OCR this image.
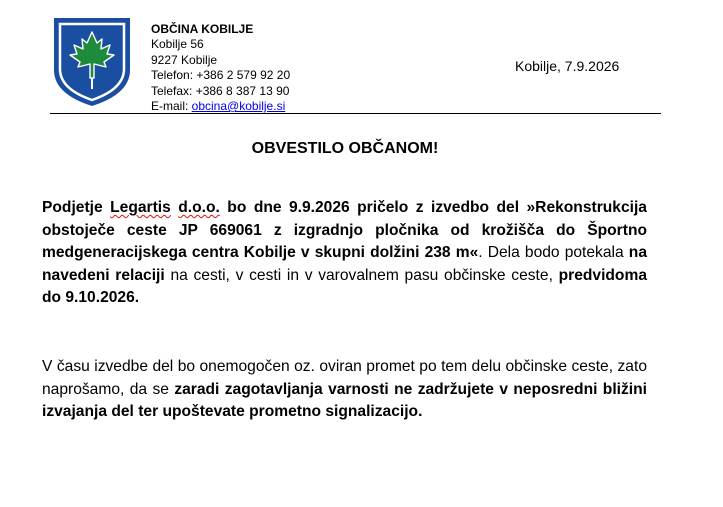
OBČINA KOBILJE
Kobilje 56
9227 Kobilje
Telefon: +386 2 579 92 20
Telefax: +386 8 387 13 90
E-mail: obcina@kobilje.si
Kobilje, 7.9.2026
OBVESTILO OBČANOM!
Podjetje Legartis d.o.o. bo dne 9.9.2026 pričelo z izvedbo del »Rekonstrukcija obstoječe ceste JP 669061 z izgradnjo pločnika od krožišča do Športno medgeneracijskega centra Kobilje v skupni dolžini 238 m«. Dela bodo potekala na navedeni relaciji na cesti, v cesti in v varovalnem pasu občinske ceste, predvidoma do 9.10.2026.
V času izvedbe del bo onemogočen oz. oviran promet po tem delu občinske ceste, zato naprošamo, da se zaradi zagotavljanja varnosti ne zadržujete v neposredni bližini izvajanja del ter upoštevate prometno signalizacijo.
